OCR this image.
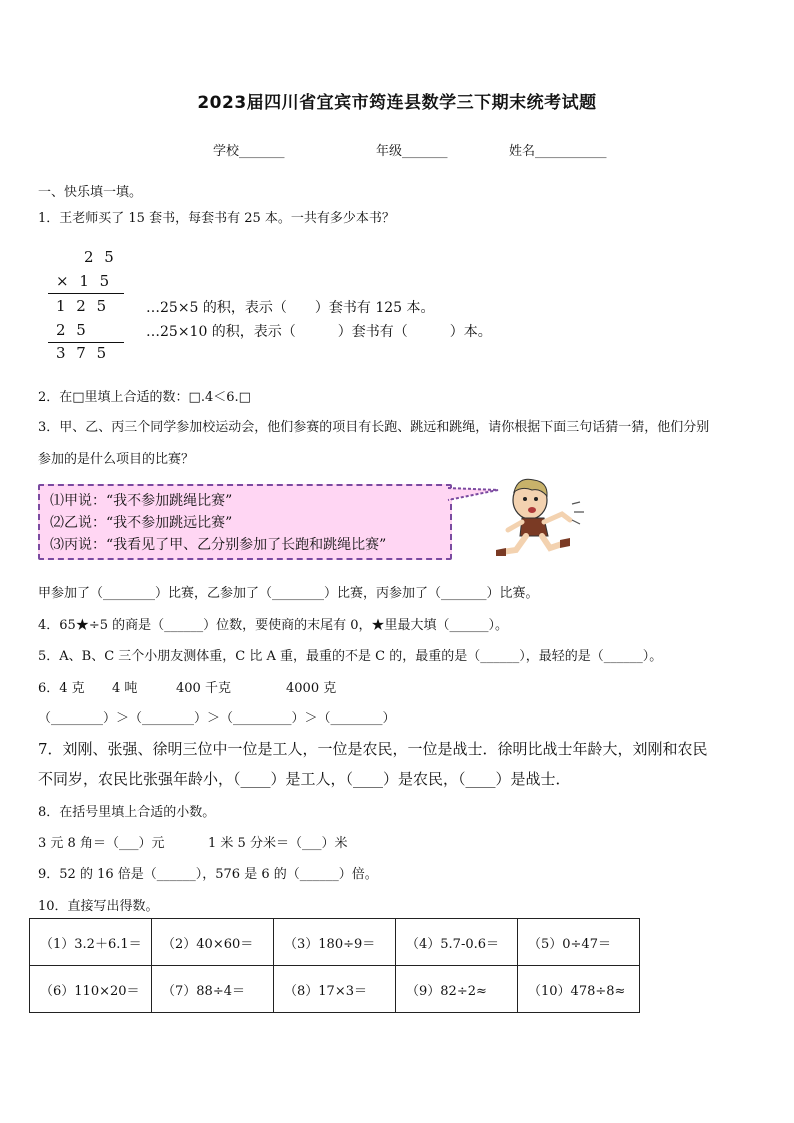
2023届四川省宜宾市筠连县数学三下期末统考试题
学校_______	年级_______	姓名___________
一、快乐填一填。
1．王老师买了 15 套书，每套书有 25 本。一共有多少本书？
2 5
× 1 5
1 2 5
2 5
3 7 5
…25×5 的积，表示（　　）套书有 125 本。
…25×10 的积，表示（　　　）套书有（　　　）本。
2．在□里填上合适的数：□.4＜6.□
3．甲、乙、丙三个同学参加校运动会，他们参赛的项目有长跑、跳远和跳绳，请你根据下面三句话猜一猜，他们分别
参加的是什么项目的比赛？
⑴甲说：“我不参加跳绳比赛”
⑵乙说：“我不参加跳远比赛”
⑶丙说：“我看见了甲、乙分别参加了长跑和跳绳比赛”
甲参加了（________）比赛，乙参加了（________）比赛，丙参加了（_______）比赛。
4．65★÷5 的商是（______）位数，要使商的末尾有 0，★里最大填（______）。
5．A、B、C 三个小朋友测体重，C 比 A 重，最重的不是 C 的，最重的是（______），最轻的是（______）。
6．4 克 4 吨	400 千克	4000 克
（________）＞（________）＞（_________）＞（________）
7．刘刚、张强、徐明三位中一位是工人，一位是农民，一位是战士．徐明比战士年龄大，刘刚和农民
不同岁，农民比张强年龄小，（____）是工人，（____）是农民，（____）是战士．
8．在括号里填上合适的小数。
3 元 8 角＝（___）元	1 米 5 分米＝（___）米
9．52 的 16 倍是（______），576 是 6 的（______）倍。
10．直接写出得数。
（1）3.2＋6.1＝	（2）40×60＝	（3）180÷9＝	（4）5.7-0.6＝	（5）0÷47＝
（6）110×20＝	（7）88÷4＝	（8）17×3＝	（9）82÷2≈	（10）478÷8≈
